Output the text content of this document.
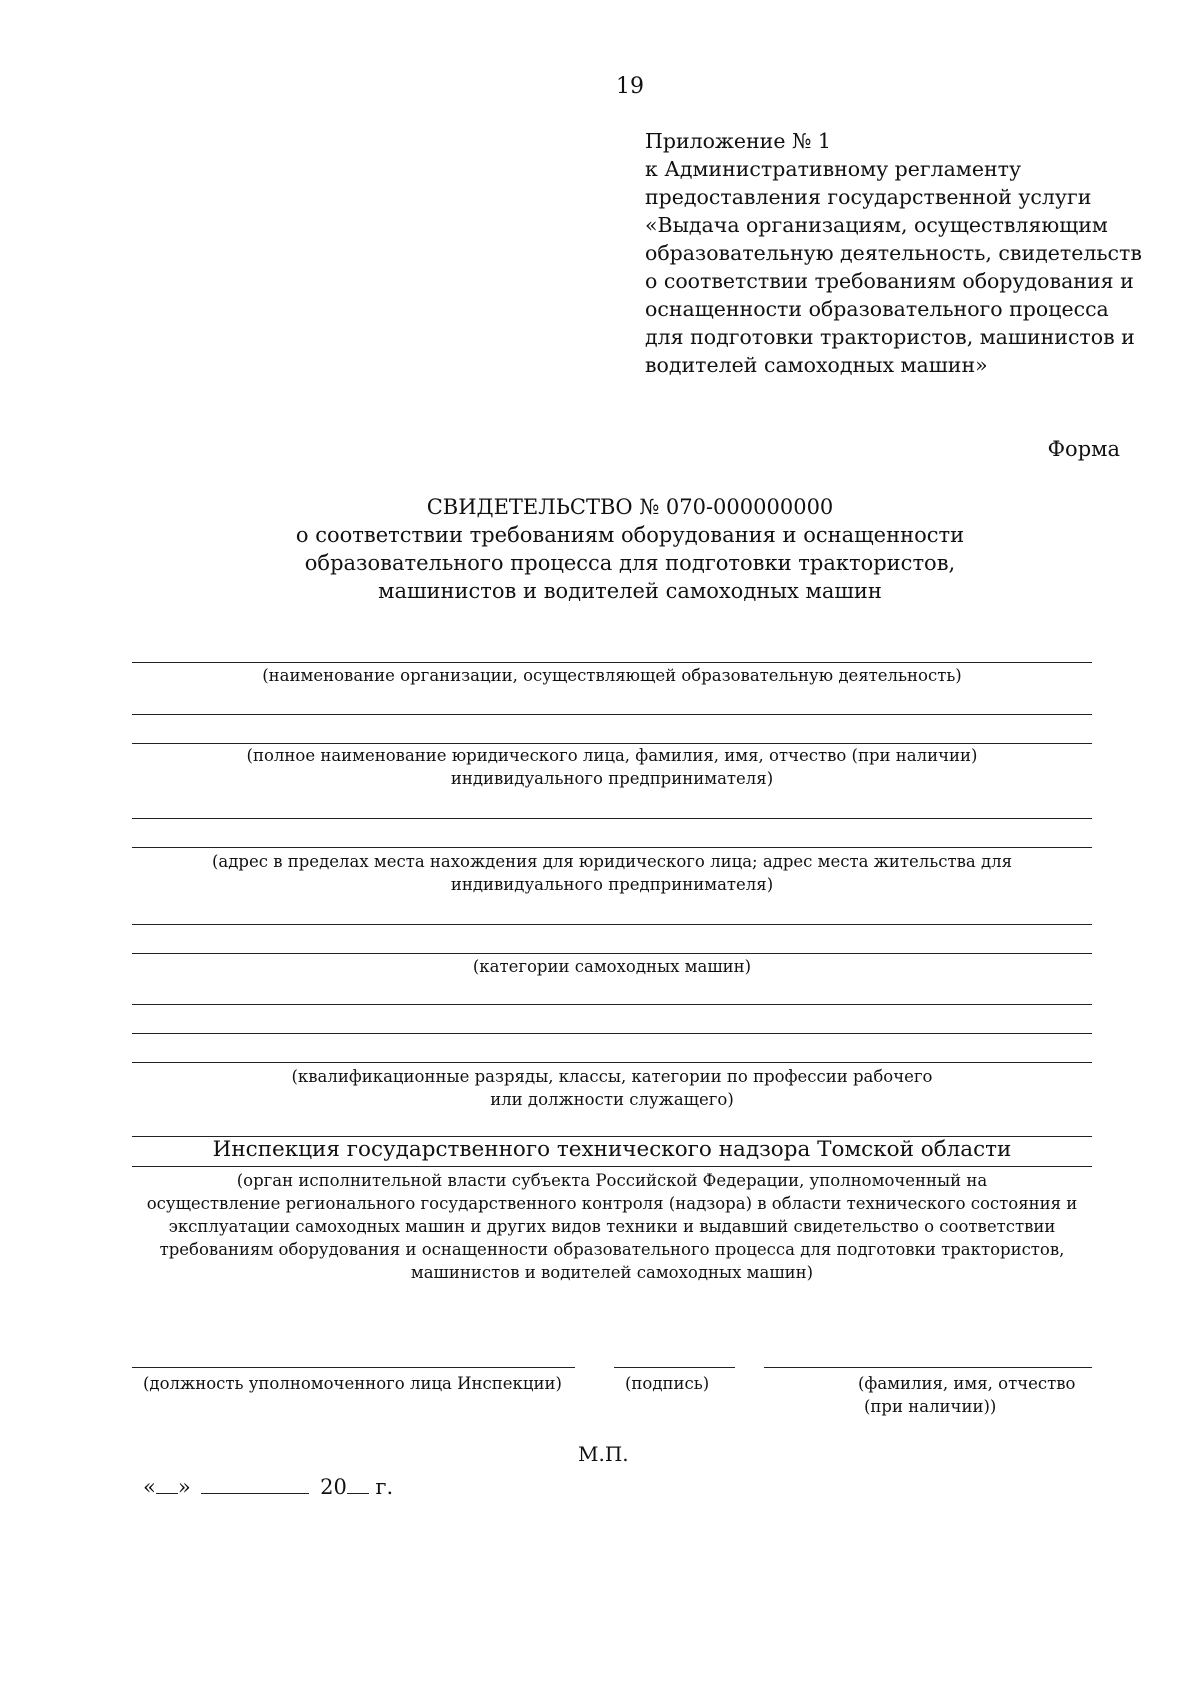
19
Приложение № 1
к Административному регламенту
предоставления государственной услуги
«Выдача организациям, осуществляющим
образовательную деятельность, свидетельств
о соответствии требованиям оборудования и
оснащенности образовательного процесса
для подготовки трактористов, машинистов и
водителей самоходных машин»
Форма
СВИДЕТЕЛЬСТВО № 070-000000000
о соответствии требованиям оборудования и оснащенности
образовательного процесса для подготовки трактористов,
машинистов и водителей самоходных машин
(наименование организации, осуществляющей образовательную деятельность)
(полное наименование юридического лица, фамилия, имя, отчество (при наличии)
индивидуального предпринимателя)
(адрес в пределах места нахождения для юридического лица; адрес места жительства для
индивидуального предпринимателя)
(категории самоходных машин)
(квалификационные разряды, классы, категории по профессии рабочего
или должности служащего)
Инспекция государственного технического надзора Томской области
(орган исполнительной власти субъекта Российской Федерации, уполномоченный на
осуществление регионального государственного контроля (надзора) в области технического состояния и
эксплуатации самоходных машин и других видов техники и выдавший свидетельство о соответствии
требованиям оборудования и оснащенности образовательного процесса для подготовки трактористов,
машинистов и водителей самоходных машин)
(должность уполномоченного лица Инспекции)	(подпись)	(фамилия, имя, отчество
(при наличии))
М.П.
« »	20 г.
